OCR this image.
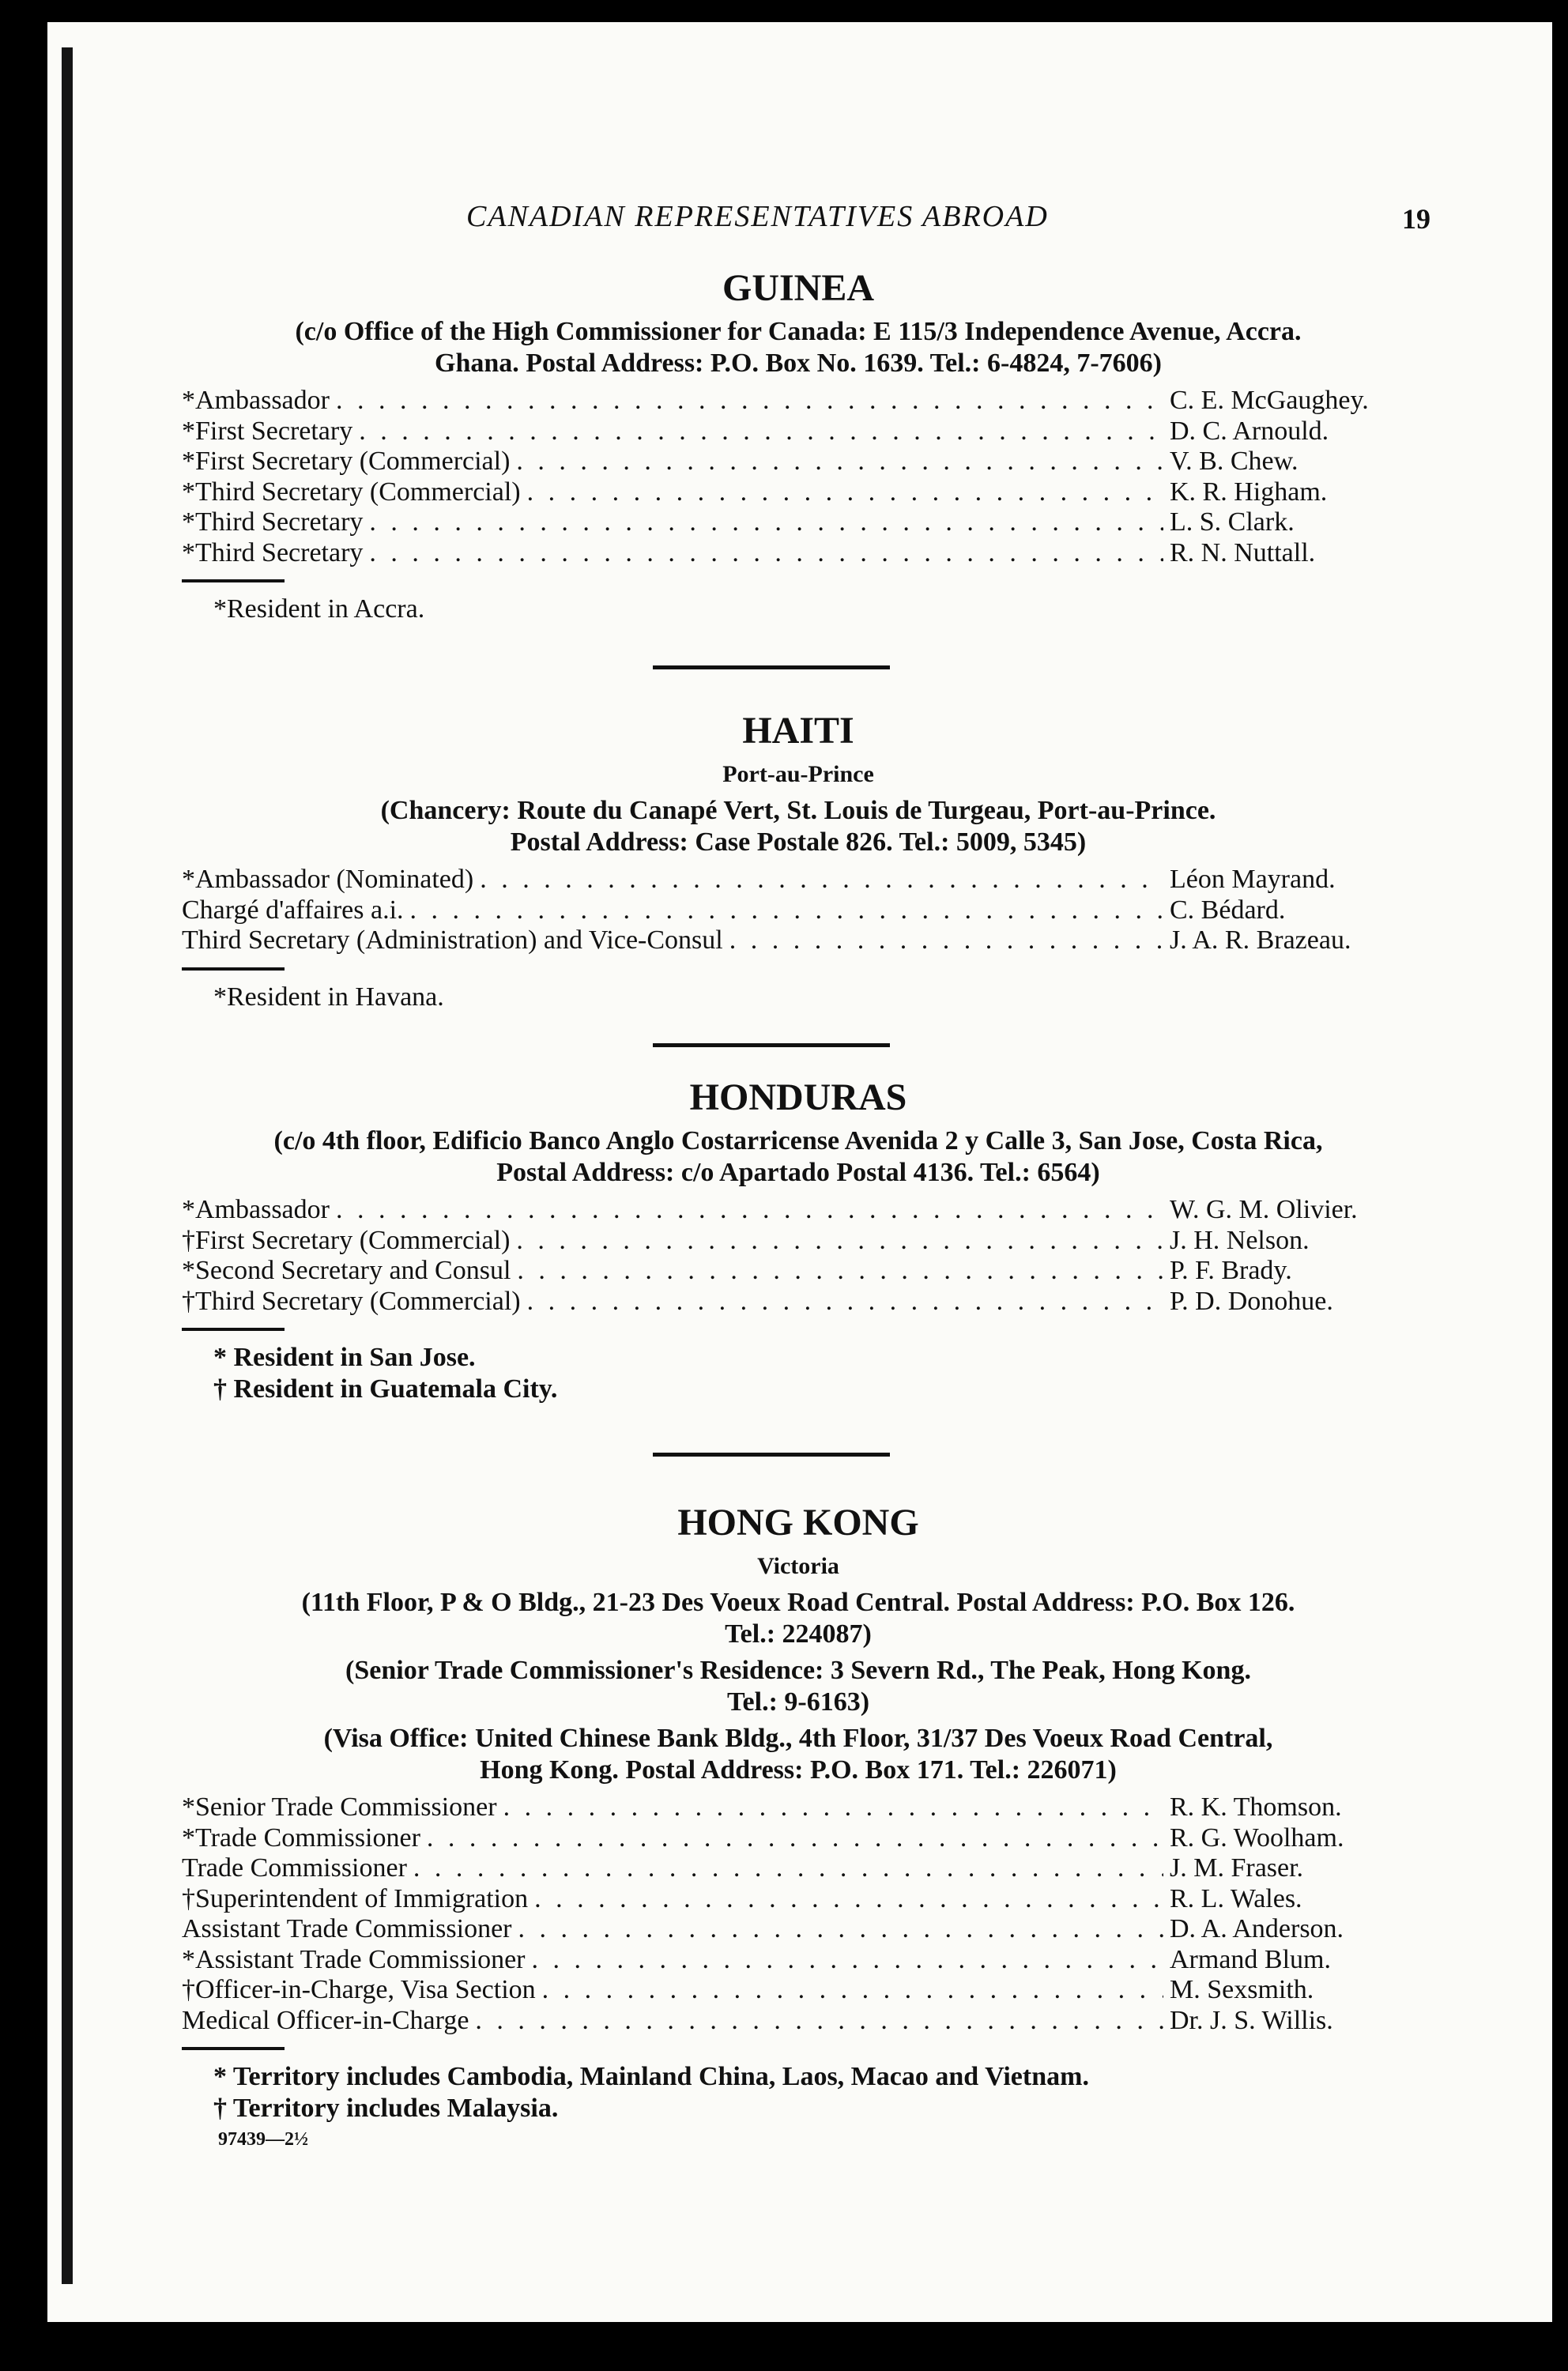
CANADIAN REPRESENTATIVES ABROAD	19
GUINEA
(c/o Office of the High Commissioner for Canada: E 115/3 Independence Avenue, Accra.
Ghana. Postal Address: P.O. Box No. 1639. Tel.: 6-4824, 7-7606)
*Ambassador . . .	C. E. McGaughey.
*First Secretary . . .	D. C. Arnould.
*First Secretary (Commercial) . . .	V. B. Chew.
*Third Secretary (Commercial) . . .	K. R. Higham.
*Third Secretary . . .	L. S. Clark.
*Third Secretary . . .	R. N. Nuttall.
*Resident in Accra.
HAITI
Port-au-Prince
(Chancery: Route du Canapé Vert, St. Louis de Turgeau, Port-au-Prince.
Postal Address: Case Postale 826. Tel.: 5009, 5345)
*Ambassador (Nominated) . . .	Léon Mayrand.
Chargé d'affaires a.i. . . .	C. Bédard.
Third Secretary (Administration) and Vice-Consul . . .	J. A. R. Brazeau.
*Resident in Havana.
HONDURAS
(c/o 4th floor, Edificio Banco Anglo Costarricense Avenida 2 y Calle 3, San Jose, Costa Rica,
Postal Address: c/o Apartado Postal 4136. Tel.: 6564)
*Ambassador . . .	W. G. M. Olivier.
†First Secretary (Commercial) . . .	J. H. Nelson.
*Second Secretary and Consul . . .	P. F. Brady.
†Third Secretary (Commercial) . . .	P. D. Donohue.
* Resident in San Jose.
† Resident in Guatemala City.
HONG KONG
Victoria
(11th Floor, P & O Bldg., 21-23 Des Voeux Road Central. Postal Address: P.O. Box 126.
Tel.: 224087)
(Senior Trade Commissioner's Residence: 3 Severn Rd., The Peak, Hong Kong.
Tel.: 9-6163)
(Visa Office: United Chinese Bank Bldg., 4th Floor, 31/37 Des Voeux Road Central,
Hong Kong. Postal Address: P.O. Box 171. Tel.: 226071)
*Senior Trade Commissioner . . .	R. K. Thomson.
*Trade Commissioner . . .	R. G. Woolham.
Trade Commissioner . . .	J. M. Fraser.
†Superintendent of Immigration . . .	R. L. Wales.
Assistant Trade Commissioner . . .	D. A. Anderson.
*Assistant Trade Commissioner . . .	Armand Blum.
†Officer-in-Charge, Visa Section . . .	M. Sexsmith.
Medical Officer-in-Charge . . .	Dr. J. S. Willis.
* Territory includes Cambodia, Mainland China, Laos, Macao and Vietnam.
† Territory includes Malaysia.
97439—2½
